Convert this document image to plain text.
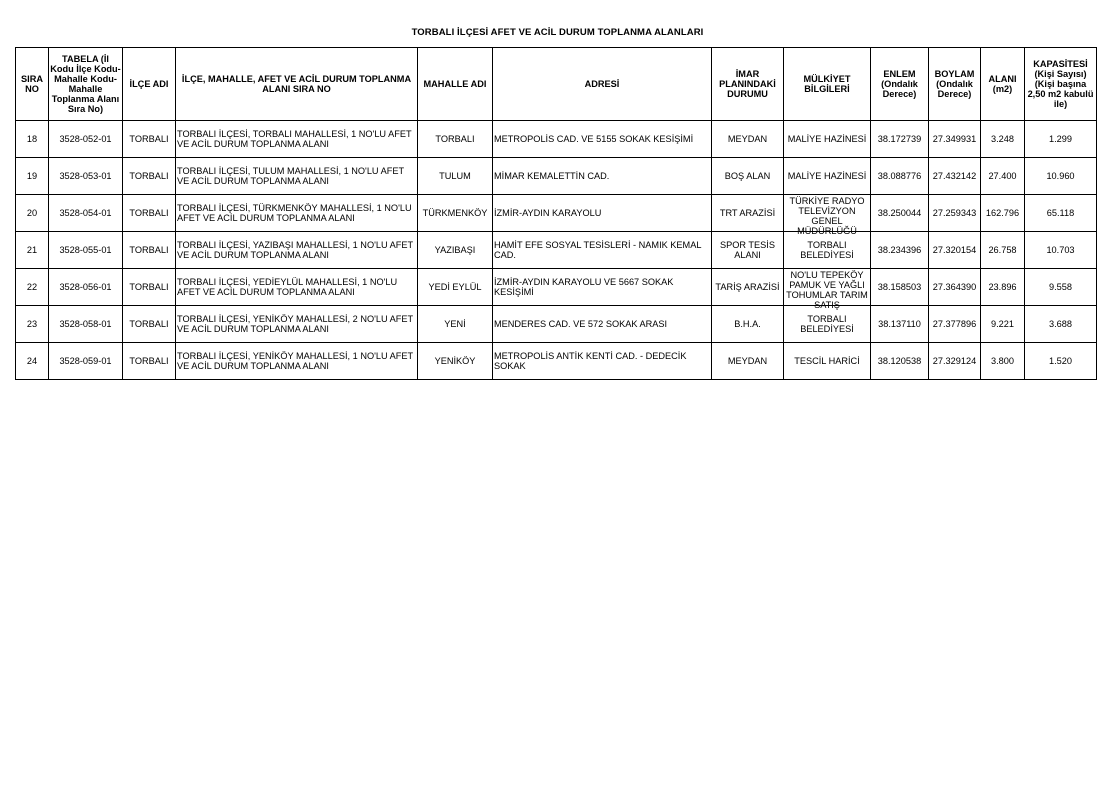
TORBALI İLÇESİ AFET VE ACİL DURUM TOPLANMA ALANLARI
SIRA NO	TABELA (İl Kodu İlçe Kodu-Mahalle Kodu-Mahalle Toplanma Alanı Sıra No)	İLÇE ADI	İLÇE, MAHALLE, AFET VE ACİL DURUM TOPLANMA ALANI SIRA NO	MAHALLE ADI	ADRESİ	İMAR PLANINDAKİ DURUMU	MÜLKİYET BİLGİLERİ	ENLEM (Ondalık Derece)	BOYLAM (Ondalık Derece)	ALANI (m2)	KAPASİTESİ (Kişi Sayısı) (Kişi başına 2,50 m2 kabulü ile)
18	3528-052-01	TORBALI	TORBALI İLÇESİ, TORBALI MAHALLESİ, 1 NO'LU AFET VE ACİL DURUM TOPLANMA ALANI	TORBALI	METROPOLİS CAD. VE 5155 SOKAK KESİŞİMİ	MEYDAN	MALİYE HAZİNESİ	38.172739	27.349931	3.248	1.299
19	3528-053-01	TORBALI	TORBALI İLÇESİ, TULUM MAHALLESİ, 1 NO'LU AFET VE ACİL DURUM TOPLANMA ALANI	TULUM	MİMAR KEMALETTİN CAD.	BOŞ ALAN	MALİYE HAZİNESİ	38.088776	27.432142	27.400	10.960
20	3528-054-01	TORBALI	TORBALI İLÇESİ, TÜRKMENKÖY MAHALLESİ, 1 NO'LU AFET VE ACİL DURUM TOPLANMA ALANI	TÜRKMENKÖY	İZMİR-AYDIN KARAYOLU	TRT ARAZİSİ	TÜRKİYE RADYO TELEVİZYON GENEL MÜDÜRLÜĞÜ	38.250044	27.259343	162.796	65.118
21	3528-055-01	TORBALI	TORBALI İLÇESİ, YAZIBAŞI MAHALLESİ, 1 NO'LU AFET VE ACİL DURUM TOPLANMA ALANI	YAZIBAŞI	HAMİT EFE SOSYAL TESİSLERİ - NAMIK KEMAL CAD.	SPOR TESİS ALANI	TORBALI BELEDİYESİ	38.234396	27.320154	26.758	10.703
22	3528-056-01	TORBALI	TORBALI İLÇESİ, YEDİEYLÜL MAHALLESİ, 1 NO'LU AFET VE ACİL DURUM TOPLANMA ALANI	YEDİ EYLÜL	İZMİR-AYDIN KARAYOLU VE 5667 SOKAK KESİŞİMİ	TARİŞ ARAZİSİ	NO'LU TEPEKÖY PAMUK VE YAĞLI TOHUMLAR TARIM SATIŞ	38.158503	27.364390	23.896	9.558
23	3528-058-01	TORBALI	TORBALI İLÇESİ, YENİKÖY MAHALLESİ, 2 NO'LU AFET VE ACİL DURUM TOPLANMA ALANI	YENİ	MENDERES CAD. VE 572 SOKAK ARASI	B.H.A.	TORBALI BELEDİYESİ	38.137110	27.377896	9.221	3.688
24	3528-059-01	TORBALI	TORBALI İLÇESİ, YENİKÖY MAHALLESİ, 1 NO'LU AFET VE ACİL DURUM TOPLANMA ALANI	YENİKÖY	METROPOLİS ANTİK KENTİ CAD. - DEDECİK SOKAK	MEYDAN	TESCİL HARİCİ	38.120538	27.329124	3.800	1.520
